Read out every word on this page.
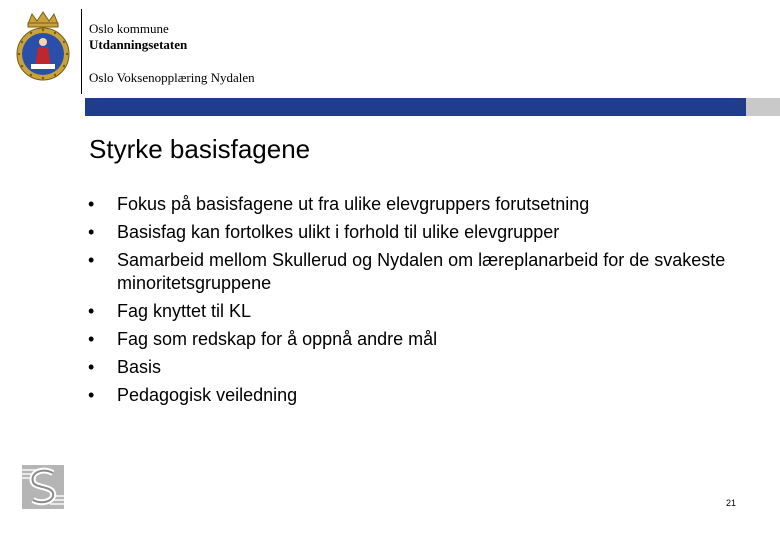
Oslo kommune
Utdanningsetaten
Oslo Voksenopplæring Nydalen
Styrke basisfagene
• Fokus på basisfagene ut fra ulike elevgruppers forutsetning
• Basisfag kan fortolkes ulikt i forhold til ulike elevgrupper
• Samarbeid mellom Skullerud og Nydalen om læreplanarbeid for de svakeste minoritetsgruppene
• Fag knyttet til KL
• Fag som redskap for å oppnå andre mål
• Basis
• Pedagogisk veiledning
21
